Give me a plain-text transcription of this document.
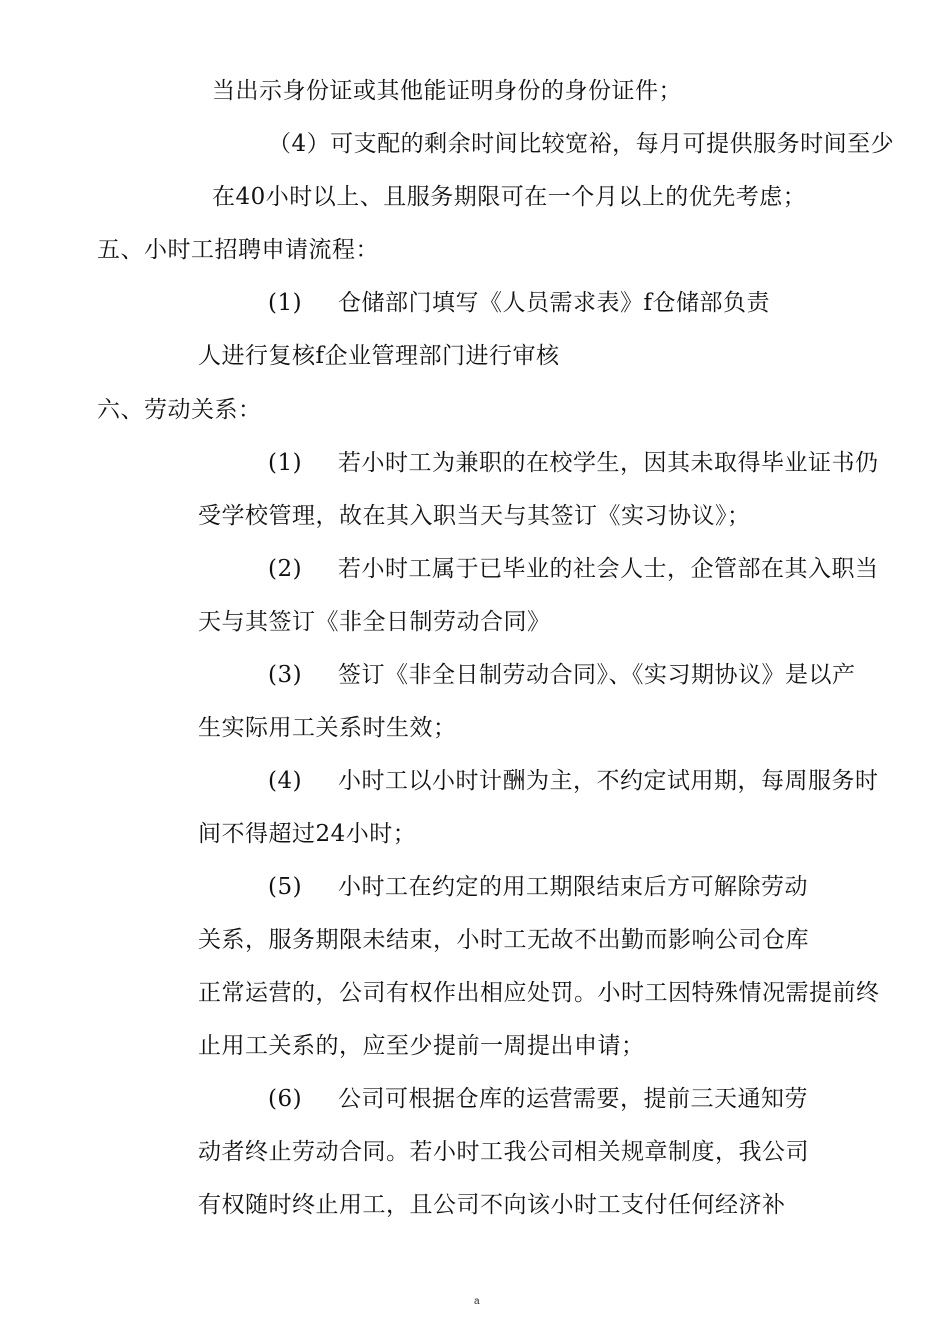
当出示身份证或其他能证明身份的身份证件；
（4）可支配的剩余时间比较宽裕，每月可提供服务时间至少
在40小时以上、且服务期限可在一个月以上的优先考虑；
五、小时工招聘申请流程：
(1) 仓储部门填写《人员需求表》f仓储部负责
人进行复核f企业管理部门进行审核
六、劳动关系：
(1) 若小时工为兼职的在校学生，因其未取得毕业证书仍
受学校管理，故在其入职当天与其签订《实习协议》；
(2) 若小时工属于已毕业的社会人士，企管部在其入职当
天与其签订《非全日制劳动合同》
(3) 签订《非全日制劳动合同》、《实习期协议》是以产
生实际用工关系时生效；
(4) 小时工以小时计酬为主，不约定试用期，每周服务时
间不得超过24小时；
(5) 小时工在约定的用工期限结束后方可解除劳动
关系，服务期限未结束，小时工无故不出勤而影响公司仓库
正常运营的，公司有权作出相应处罚。小时工因特殊情况需提前终
止用工关系的，应至少提前一周提出申请；
(6) 公司可根据仓库的运营需要，提前三天通知劳
动者终止劳动合同。若小时工我公司相关规章制度，我公司
有权随时终止用工，且公司不向该小时工支付任何经济补
a
